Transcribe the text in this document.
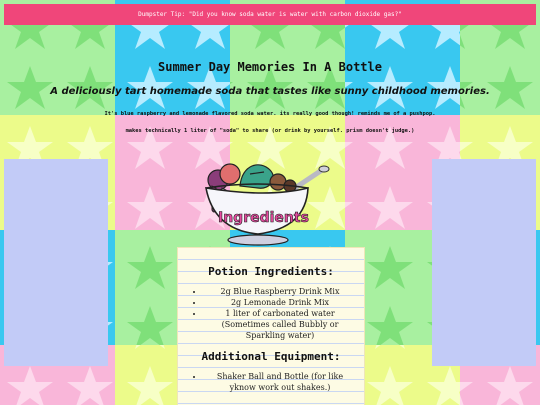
Dumpster Tip: "Did you know soda water is water with carbon dioxide gas?"
Summer Day Memories In A Bottle
A deliciously tart homemade soda that tastes like sunny childhood memories.
It's blue raspberry and lemonade flavored soda water. its really good though! reminds me of a pushpop.
makes technically 1 liter of "soda" to share (or drink by yourself. prism doesn't judge.)
Ingredients
Potion Ingredients:
• 2g Blue Raspberry Drink Mix
• 2g Lemonade Drink Mix
• 1 liter of carbonated water (Sometimes called Bubbly or Sparkling water)
Additional Equipment:
• Shaker Ball and Bottle (for like yknow work out shakes.)
